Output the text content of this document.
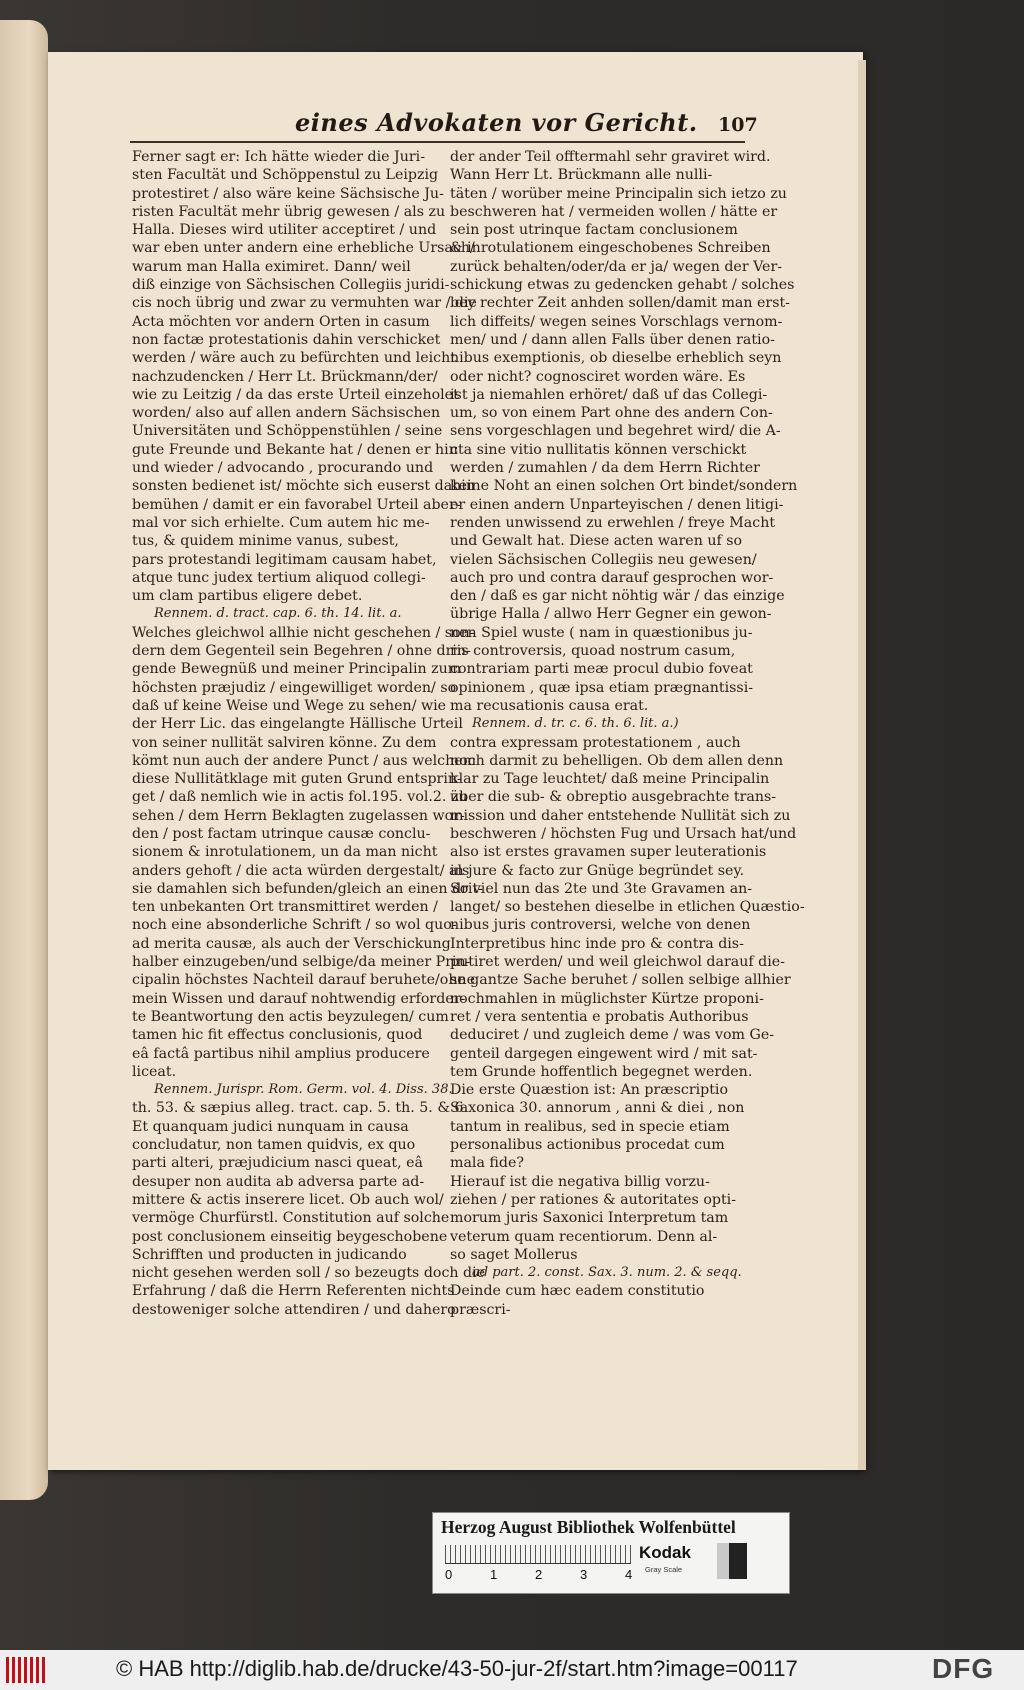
eines Advokaten vor Gericht. 107
Ferner sagt er: Ich hätte wieder die Juri-
sten Facultät und Schöppenstul zu Leipzig
protestiret / also wäre keine Sächsische Ju-
risten Facultät mehr übrig gewesen / als zu
Halla. Dieses wird utiliter acceptiret / und
war eben unter andern eine erhebliche Ursach/
warum man Halla eximiret. Dann/ weil
diß einzige von Sächsischen Collegiis juridi-
cis noch übrig und zwar zu vermuhten war / die
Acta möchten vor andern Orten in casum
non factæ protestationis dahin verschicket
werden / wäre auch zu befürchten und leicht
nachzudencken / Herr Lt. Brückmann/der/
wie zu Leitzig / da das erste Urteil einzeholet
worden/ also auf allen andern Sächsischen
Universitäten und Schöppenstühlen / seine
gute Freunde und Bekante hat / denen er hin
und wieder / advocando , procurando und
sonsten bedienet ist/ möchte sich euserst dahin
bemühen / damit er ein favorabel Urteil aber-
mal vor sich erhielte. Cum autem hic me-
tus, & quidem minime vanus, subest,
pars protestandi legitimam causam habet,
atque tunc judex tertium aliquod collegi-
um clam partibus eligere debet.
Rennem. d. tract. cap. 6. th. 14. lit. a.
Welches gleichwol allhie nicht geschehen / son-
dern dem Gegenteil sein Begehren / ohne drin-
gende Bewegnüß und meiner Principalin zum
höchsten præjudiz / eingewilliget worden/ so
daß uf keine Weise und Wege zu sehen/ wie
der Herr Lic. das eingelangte Hällische Urteil
von seiner nullität salviren könne. Zu dem
kömt nun auch der andere Punct / aus welchem
diese Nullitätklage mit guten Grund entsprin-
get / daß nemlich wie in actis fol.195. vol.2. zu
sehen / dem Herrn Beklagten zugelassen wor-
den / post factam utrinque causæ conclu-
sionem & inrotulationem, un da man nicht
anders gehoft / die acta würden dergestalt/ als
sie damahlen sich befunden/gleich an einen drit-
ten unbekanten Ort transmittiret werden /
noch eine absonderliche Schrift / so wol quo-
ad merita causæ, als auch der Verschickung
halber einzugeben/und selbige/da meiner Prin-
cipalin höchstes Nachteil darauf beruhete/ohne
mein Wissen und darauf nohtwendig erforder-
te Beantwortung den actis beyzulegen/ cum
tamen hic fit effectus conclusionis, quod
eâ factâ partibus nihil amplius producere
liceat.
Rennem. Jurispr. Rom. Germ. vol. 4. Diss. 38.
th. 53. & sæpius alleg. tract. cap. 5. th. 5. & 6.
Et quanquam judici nunquam in causa
concludatur, non tamen quidvis, ex quo
parti alteri, præjudicium nasci queat, eâ
desuper non audita ab adversa parte ad-
mittere & actis inserere licet. Ob auch wol/
vermöge Churfürstl. Constitution auf solche
post conclusionem einseitig beygeschobene
Schrifften und producten in judicando
nicht gesehen werden soll / so bezeugts doch die
Erfahrung / daß die Herrn Referenten nichts
destoweniger solche attendiren / und dahero
der ander Teil offtermahl sehr graviret wird.
Wann Herr Lt. Brückmann alle nulli-
täten / worüber meine Principalin sich ietzo zu
beschweren hat / vermeiden wollen / hätte er
sein post utrinque factam conclusionem
& inrotulationem eingeschobenes Schreiben
zurück behalten/oder/da er ja/ wegen der Ver-
schickung etwas zu gedencken gehabt / solches
bey rechter Zeit anhden sollen/damit man erst-
lich diffeits/ wegen seines Vorschlags vernom-
men/ und / dann allen Falls über denen ratio-
nibus exemptionis, ob dieselbe erheblich seyn
oder nicht? cognosciret worden wäre. Es
ist ja niemahlen erhöret/ daß uf das Collegi-
um, so von einem Part ohne des andern Con-
sens vorgeschlagen und begehret wird/ die A-
cta sine vitio nullitatis können verschickt
werden / zumahlen / da dem Herrn Richter
keine Noht an einen solchen Ort bindet/sondern
er einen andern Unparteyischen / denen litigi-
renden unwissend zu erwehlen / freye Macht
und Gewalt hat. Diese acten waren uf so
vielen Sächsischen Collegiis neu gewesen/
auch pro und contra darauf gesprochen wor-
den / daß es gar nicht nöhtig wär / das einzige
übrige Halla / allwo Herr Gegner ein gewon-
nen Spiel wuste ( nam in quæstionibus ju-
ris controversis, quoad nostrum casum,
contrariam parti meæ procul dubio foveat
opinionem , quæ ipsa etiam prægnantissi-
ma recusationis causa erat.
Rennem. d. tr. c. 6. th. 6. lit. a.)
contra expressam protestationem , auch
noch darmit zu behelligen. Ob dem allen denn
klar zu Tage leuchtet/ daß meine Principalin
über die sub- & obreptio ausgebrachte trans-
mission und daher entstehende Nullität sich zu
beschweren / höchsten Fug und Ursach hat/und
also ist erstes gravamen super leuterationis
in jure & facto zur Gnüge begründet sey.
So viel nun das 2te und 3te Gravamen an-
langet/ so bestehen dieselbe in etlichen Quæstio-
nibus juris controversi, welche von denen
Interpretibus hinc inde pro & contra dis-
putiret werden/ und weil gleichwol darauf die-
se gantze Sache beruhet / sollen selbige allhier
nochmahlen in müglichster Kürtze proponi-
ret / vera sententia e probatis Authoribus
deduciret / und zugleich deme / was vom Ge-
genteil dargegen eingewent wird / mit sat-
tem Grunde hoffentlich begegnet werden.
Die erste Quæstion ist: An præscriptio
Saxonica 30. annorum , anni & diei , non
tantum in realibus, sed in specie etiam
personalibus actionibus procedat cum
mala fide?
Hierauf ist die negativa billig vorzu-
ziehen / per rationes & autoritates opti-
morum juris Saxonici Interpretum tam
veterum quam recentiorum. Denn al-
so saget Mollerus
ad part. 2. const. Sax. 3. num. 2. & seqq.
Deinde cum hæc eadem constitutio
præscri-
Herzog August Bibliothek Wolfenbüttel
0	1	2	3	4
Kodak
Gray Scale
© HAB http://diglib.hab.de/drucke/43-50-jur-2f/start.htm?image=00117	DFG
